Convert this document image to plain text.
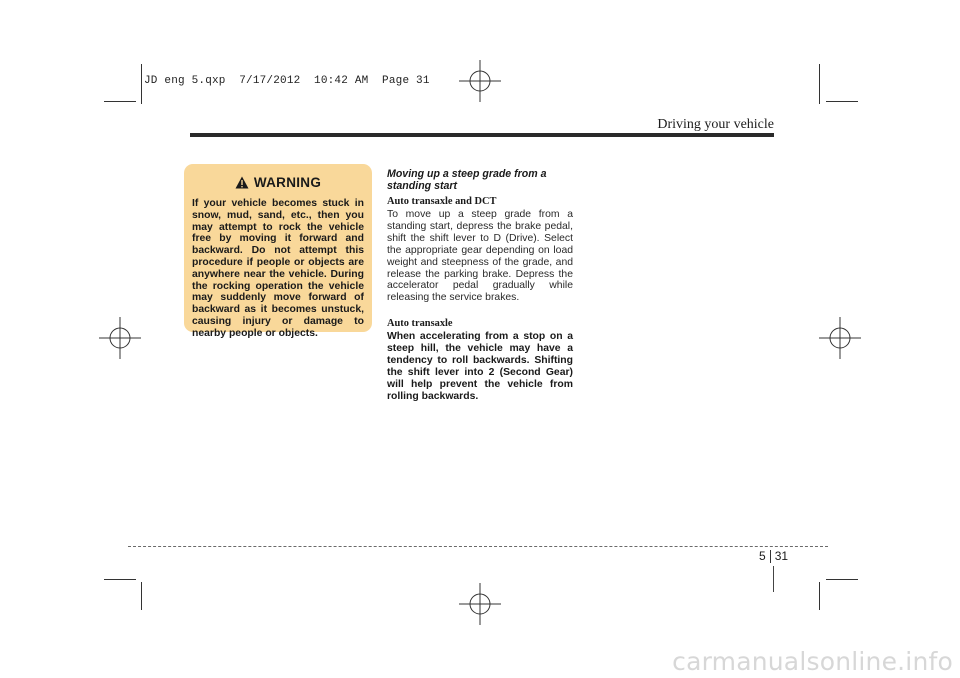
JD eng 5.qxp  7/17/2012  10:42 AM  Page 31
Driving your vehicle
WARNING

If your vehicle becomes stuck in snow, mud, sand, etc., then you may attempt to rock the vehicle free by moving it forward and backward. Do not attempt this procedure if people or objects are anywhere near the vehicle. During the rocking operation the vehicle may suddenly move forward of backward as it becomes unstuck, causing injury or damage to nearby people or objects.

Moving up a steep grade from a standing start

Auto transaxle and DCT

To move up a steep grade from a standing start, depress the brake pedal, shift the shift lever to D (Drive). Select the appropriate gear depending on load weight and steepness of the grade, and release the parking brake. Depress the accelerator pedal gradually while releasing the service brakes.

Auto transaxle

When accelerating from a stop on a steep hill, the vehicle may have a tendency to roll backwards. Shifting the shift lever into 2 (Second Gear) will help prevent the vehicle from rolling backwards.

5 31
carmanualsonline.info
